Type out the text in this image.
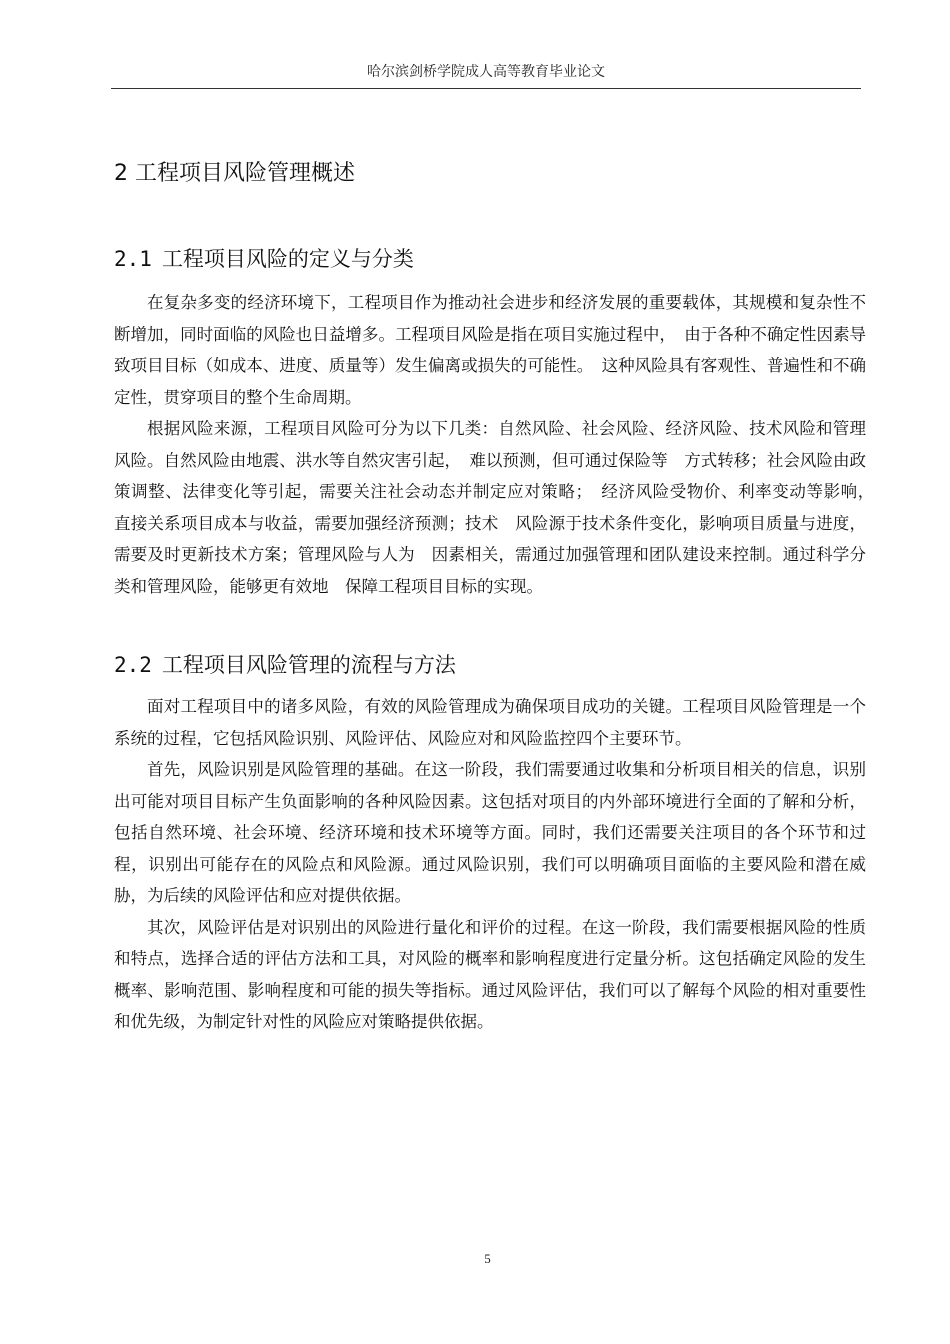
哈尔滨剑桥学院成人高等教育毕业论文
2 工程项目风险管理概述
2.1 工程项目风险的定义与分类

在复杂多变的经济环境下，工程项目作为推动社会进步和经济发展的重要载体，其规模和复杂性不断增加，同时面临的风险也日益增多。工程项目风险是指在项目实施过程中，　由于各种不确定性因素导致项目目标（如成本、进度、质量等）发生偏离或损失的可能性。　这种风险具有客观性、普遍性和不确定性，贯穿项目的整个生命周期。

根据风险来源，工程项目风险可分为以下几类：自然风险、社会风险、经济风险、技术风险和管理风险。自然风险由地震、洪水等自然灾害引起，　难以预测，但可通过保险等　方式转移；社会风险由政策调整、法律变化等引起，需要关注社会动态并制定应对策略；　经济风险受物价、利率变动等影响，　直接关系项目成本与收益，需要加强经济预测；技术　风险源于技术条件变化，影响项目质量与进度，需要及时更新技术方案；管理风险与人为　因素相关，需通过加强管理和团队建设来控制。通过科学分类和管理风险，能够更有效地　保障工程项目目标的实现。

2.2 工程项目风险管理的流程与方法

面对工程项目中的诸多风险，有效的风险管理成为确保项目成功的关键。工程项目风险管理是一个系统的过程，它包括风险识别、风险评估、风险应对和风险监控四个主要环节。

首先，风险识别是风险管理的基础。在这一阶段，我们需要通过收集和分析项目相关的信息，识别出可能对项目目标产生负面影响的各种风险因素。这包括对项目的内外部环境进行全面的了解和分析，包括自然环境、社会环境、经济环境和技术环境等方面。同时，我们还需要关注项目的各个环节和过程，识别出可能存在的风险点和风险源。通过风险识别，我们可以明确项目面临的主要风险和潜在威胁，为后续的风险评估和应对提供依据。

其次，风险评估是对识别出的风险进行量化和评价的过程。在这一阶段，我们需要根据风险的性质和特点，选择合适的评估方法和工具，对风险的概率和影响程度进行定量分析。这包括确定风险的发生概率、影响范围、影响程度和可能的损失等指标。通过风险评估，我们可以了解每个风险的相对重要性和优先级，为制定针对性的风险应对策略提供依据。

5
